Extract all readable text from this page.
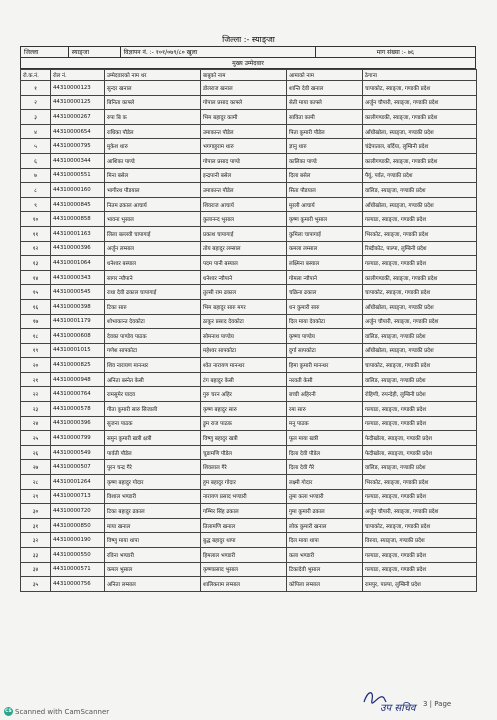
जिल्ला :- स्याङ्जा
जिल्ला	स्याङ्जा	विज्ञापन नं. :- १०१/०७९/८० खुला	माग संख्या :- ७६
मुख्य उम्मेदवार
रो.क.नं.	रोल नं.	उम्मेदवारको नाम थर	बाबुको नाम	आमाको नाम	ठेगाना
१	44310000123	सुन्दर खनाल	डोलराज खनाल	शान्ति देवी खनाल	चापाकोट, स्याङ्जा, गण्डकी प्रदेश
२	44310000125	बिनिता काफ्ले	गोपाल प्रसाद काफ्ले	सेती माया काफ्ले	अर्जुन चौपारी, स्याङ्जा, गण्डकी प्रदेश
३	44310000267	रुपा बि क	भिम बहादुर कामी	साविता कामी	कालीगण्डकी, स्याङ्जा, गण्डकी प्रदेश
४	44310000654	राधिका पौडेल	उमाकान्त पौडेल	पिता कुमारी पौडेल	आँधीखोला, स्याङ्जा, गण्डकी प्रदेश
५	44310000795	मुकेश थारु	भगगाहुराम थारु	ज्ञानु थारु	चंद्रेपाताल, बर्दिया, लुम्बिनी प्रदेश
६	44310000344	आशिका पाण्डे	गोपाल प्रसाद पाण्डे	कालिका पाण्डे	कालीगण्डकी, स्याङ्जा, गण्डकी प्रदेश
७	44310000551	मिना बसेल	इन्द्रपानी बसेल	दिला बसेल	पैयुं, पर्वत, गण्डकी प्रदेश
८	44310000160	भागीरथ पौडयाल	उमाकान्त पौडेल	सिता पौडयाल	वालिङ, स्याङ्जा, गण्डकी प्रदेश
९	44310000845	नितम ढकाल आचार्य	शिवराज आचार्य	मुरली आचार्य	आँधीखोला, स्याङ्जा, गण्डकी प्रदेश
१०	44310000858	भावना भुसाल	कुलानन्द भुसाल	कृष्ण कुमारी भुसाल	गल्याङ, स्याङ्जा, गण्डकी प्रदेश
११	44310001163	लिला बल्लवी चापागाई	प्रकाश चापागाई	कुमिला चापागाई	भिरकोट, स्याङ्जा, गण्डकी प्रदेश
१२	44310000396	अर्जुन लम्साल	तोय बहादुर लम्साल	कमला लम्साल	रिब्दीकोट, पाल्पा, लुम्बिनी प्रदेश
१३	44310001064	धनेश्वर बस्याल	पदम पानी बस्याल	लक्ष्मिना बस्याल	गल्याङ, स्याङ्जा, गण्डकी प्रदेश
१४	44310000343	सागर न्यौपाने	धनेश्वर न्यौपाने	गोमला न्यौपाने	कालीगण्डकी, स्याङ्जा, गण्डकी प्रदेश
१५	44310000545	राधा देवी ढकाल चापागाई	तुल्सी राम ढकाल	चक्रिना ढकाल	चापाकोट, स्याङ्जा, गण्डकी प्रदेश
१६	44310000398	टिका सारु	भिम बहादुर सारु मगर	धन कुमारी सारु	आँधीखोला, स्याङ्जा, गण्डकी प्रदेश
१७	44310001179	शोभाकान्त देवकोटा	ठाकुर प्रसाद देवकोटा	दिल माया देवकोटा	अर्जुन चौपारी, स्याङ्जा, गण्डकी प्रदेश
१८	44310000608	देवका पाण्डेय पाठक	सोमनाथ पाण्डेय	कृष्णा पाण्डेय	वालिङ, स्याङ्जा, गण्डकी प्रदेश
१९	44310001015	गणेश सापकोटा	महेश्वर सापकोटा	दुर्गा सापकोटा	आँधीखोला, स्याङ्जा, गण्डकी प्रदेश
२०	44310000825	शिव नारायण मानन्धर	श्वेत नारायण मानन्धर	हिमा कुमारी मानन्धर	चापाकोट, स्याङ्जा, गण्डकी प्रदेश
२१	44310000948	अनिता बस्नेत केसी	टंग बहादुर केसी	नरवती केसी	वालिङ, स्याङ्जा, गण्डकी प्रदेश
२२	44310000764	रामसुमेर यादव	गुरु चरन अहिर	बच्ची अहिरनी	रोहिणी, रुपन्देही, लुम्बिनी प्रदेश
२३	44310000578	गीता कुमारी सारु सिजाली	कृष्ण बहादुर सारु	रमा सारु	गल्याङ, स्याङ्जा, गण्डकी प्रदेश
२४	44310000396	सुजना पाठक	ड्रुम राज पाठक	मनु पाठक	गल्याङ, स्याङ्जा, गण्डकी प्रदेश
२५	44310000799	समुन कुमारी खत्री क्षत्री	विष्णु बहादुर खत्री	फूल माया खत्री	फेदीखोला, स्याङ्जा, गण्डकी प्रदेश
२६	44310000549	पार्वती पौडेल	चूडामणि पौडेल	दिला देवी पौडेल	फेदीखोला, स्याङ्जा, गण्डकी प्रदेश
२७	44310000507	पुरन चन्द्र गैरे	शिवलाल गैरे	दिला देवी गैरे	वालिङ, स्याङ्जा, गण्डकी प्रदेश
२८	44310001264	कृष्ण बहादुर गोदार	हुम बहादुर गोदार	लक्ष्मी गोदार	भिरकोट, स्याङ्जा, गण्डकी प्रदेश
२९	44310000713	विशाल भण्डारी	नारायण प्रसाद भण्डारी	तुमा कला भण्डारी	गल्याङ, स्याङ्जा, गण्डकी प्रदेश
३०	44310000720	टिका बहादुर ढकाल	गम्भिर सिंह ढकाल	गुमा कुमारी ढकाल	अर्जुन चौपारी, स्याङ्जा, गण्डकी प्रदेश
३१	44310000850	माया खनाल	तिलामणि खनाल	लोक कुमारी खनाल	चापाकोट, स्याङ्जा, गण्डकी प्रदेश
३२	44310000190	विष्णु माया थापा	बुद्ध बहादुर थापा	दिल माया थापा	विरुवा, स्याङ्जा, गण्डकी प्रदेश
३३	44310000550	रविना भण्डारी	हिमलाल भण्डारी	कला भण्डारी	गल्याङ, स्याङ्जा, गण्डकी प्रदेश
३४	44310000571	कमल भुसाल	कृष्णप्रसाद भुसाल	टिकादेवी भुसाल	गल्याङ, स्याङ्जा, गण्डकी प्रदेश
३५	44310000756	अनिता लम्साल	शालिकराम लम्साल	कोपिला लम्साल	रामपुर, पाल्पा, लुम्बिनी प्रदेश
उप सचिव 3 | Page
CS Scanned with CamScanner
